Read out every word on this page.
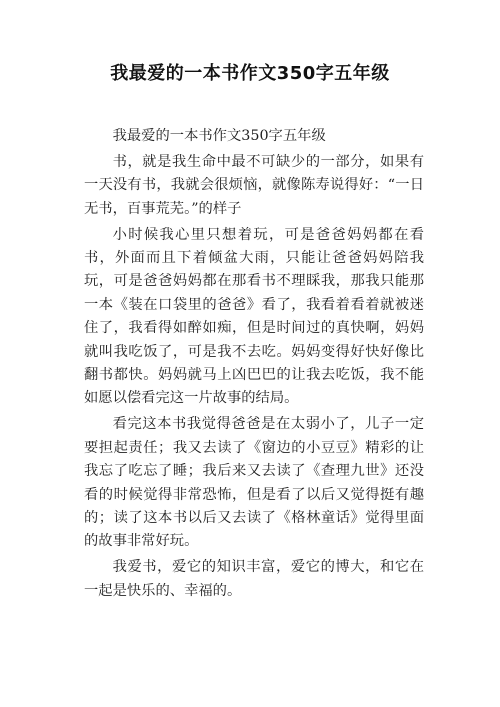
我最爱的一本书作文350字五年级

我最爱的一本书作文350字五年级

书，就是我生命中最不可缺少的一部分，如果有一天没有书，我就会很烦恼，就像陈寿说得好：“一日无书，百事荒芜。”的样子

小时候我心里只想着玩，可是爸爸妈妈都在看书，外面而且下着倾盆大雨，只能让爸爸妈妈陪我玩，可是爸爸妈妈都在那看书不理睬我，那我只能那一本《装在口袋里的爸爸》看了，我看着看着就被迷住了，我看得如醉如痴，但是时间过的真快啊，妈妈就叫我吃饭了，可是我不去吃。妈妈变得好快好像比翻书都快。妈妈就马上凶巴巴的让我去吃饭，我不能如愿以偿看完这一片故事的结局。

看完这本书我觉得爸爸是在太弱小了，儿子一定要担起责任；我又去读了《窗边的小豆豆》精彩的让我忘了吃忘了睡；我后来又去读了《查理九世》还没看的时候觉得非常恐怖，但是看了以后又觉得挺有趣的；读了这本书以后又去读了《格林童话》觉得里面的故事非常好玩。

我爱书，爱它的知识丰富，爱它的博大，和它在一起是快乐的、幸福的。
